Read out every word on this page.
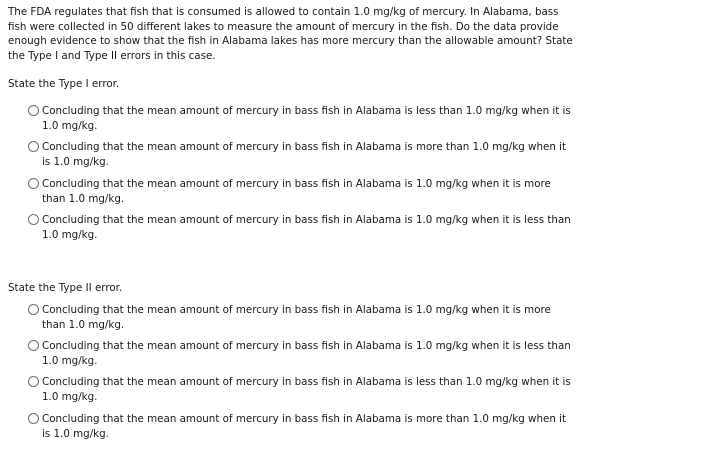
The FDA regulates that fish that is consumed is allowed to contain 1.0 mg/kg of mercury. In Alabama, bass fish were collected in 50 different lakes to measure the amount of mercury in the fish. Do the data provide enough evidence to show that the fish in Alabama lakes has more mercury than the allowable amount? State the Type I and Type II errors in this case.

State the Type I error.

Concluding that the mean amount of mercury in bass fish in Alabama is less than 1.0 mg/kg when it is 1.0 mg/kg.
Concluding that the mean amount of mercury in bass fish in Alabama is more than 1.0 mg/kg when it is 1.0 mg/kg.
Concluding that the mean amount of mercury in bass fish in Alabama is 1.0 mg/kg when it is more than 1.0 mg/kg.
Concluding that the mean amount of mercury in bass fish in Alabama is 1.0 mg/kg when it is less than 1.0 mg/kg.

State the Type II error.

Concluding that the mean amount of mercury in bass fish in Alabama is 1.0 mg/kg when it is more than 1.0 mg/kg.
Concluding that the mean amount of mercury in bass fish in Alabama is 1.0 mg/kg when it is less than 1.0 mg/kg.
Concluding that the mean amount of mercury in bass fish in Alabama is less than 1.0 mg/kg when it is 1.0 mg/kg.
Concluding that the mean amount of mercury in bass fish in Alabama is more than 1.0 mg/kg when it is 1.0 mg/kg.
